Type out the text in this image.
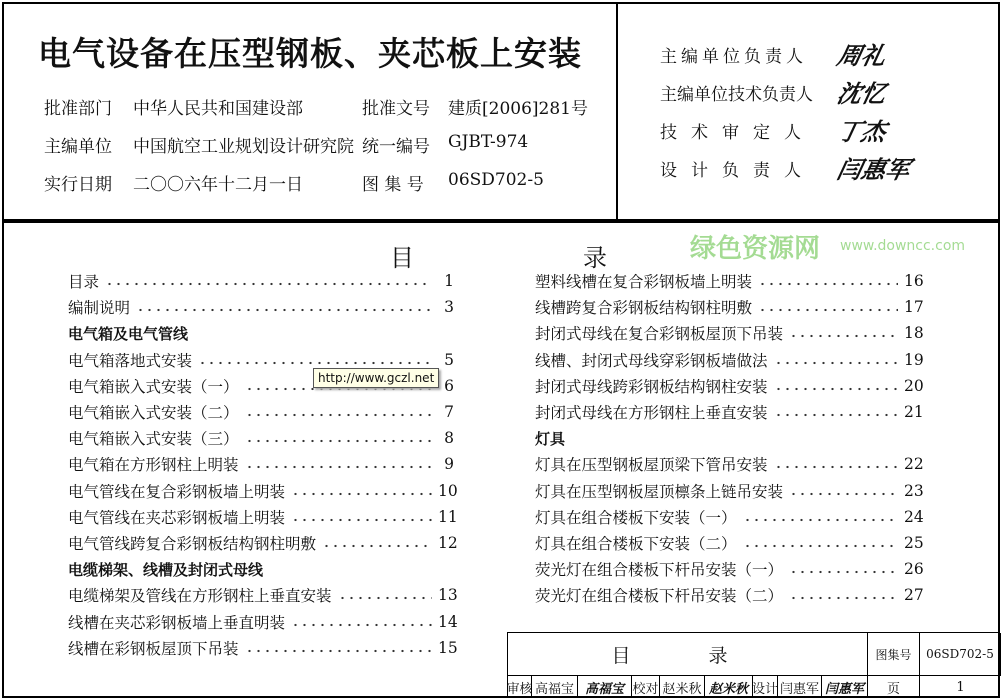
电气设备在压型钢板、夹芯板上安装
批准部门 中华人民共和国建设部	批准文号 建质[2006]281号
主编单位 中国航空工业规划设计研究院 统一编号 GJBT-974
实行日期 二〇〇六年十二月一日	图 集 号 06SD702-5
主编单位负责人 周礼
主编单位技术负责人 沈忆
技术审定人 丁杰
设计负责人 闫惠军
目	录
目录	1
编制说明	3
电气箱及电气管线
电气箱落地式安装	5
电气箱嵌入式安装（一）	6
电气箱嵌入式安装（二）	7
电气箱嵌入式安装（三）	8
电气箱在方形钢柱上明装	9
电气管线在复合彩钢板墙上明装	10
电气管线在夹芯彩钢板墙上明装	11
电气管线跨复合彩钢板结构钢柱明敷	12
电缆梯架、线槽及封闭式母线
电缆梯架及管线在方形钢柱上垂直安装	13
线槽在夹芯彩钢板墙上垂直明装	14
线槽在彩钢板屋顶下吊装	15
塑料线槽在复合彩钢板墙上明装	16
线槽跨复合彩钢板结构钢柱明敷	17
封闭式母线在复合彩钢板屋顶下吊装	18
线槽、封闭式母线穿彩钢板墙做法	19
封闭式母线跨彩钢板结构钢柱安装	20
封闭式母线在方形钢柱上垂直安装	21
灯具
灯具在压型钢板屋顶梁下管吊安装	22
灯具在压型钢板屋顶檩条上链吊安装	23
灯具在组合楼板下安装（一）	24
灯具在组合楼板下安装（二）	25
荧光灯在组合楼板下杆吊安装（一）	26
荧光灯在组合楼板下杆吊安装（二）	27
http://www.gczl.net
目 录	图集号	06SD702-5
审核 高福宝 高福宝 校对 赵米秋 赵米秋 设计 闫惠军 闫惠军	页	1
绿色资源网 www.downcc.com
